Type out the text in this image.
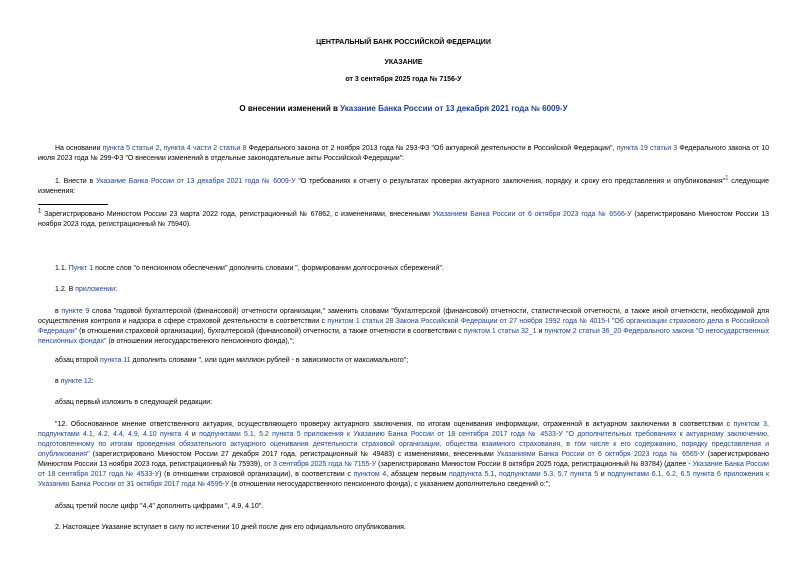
ЦЕНТРАЛЬНЫЙ БАНК РОССИЙСКОЙ ФЕДЕРАЦИИ
УКАЗАНИЕ
от 3 сентября 2025 года № 7156-У
О внесении изменений в Указание Банка России от 13 декабря 2021 года № 6009-У
На основании пункта 5 статьи 2, пункта 4 части 2 статьи 8 Федерального закона от 2 ноября 2013 года № 293-ФЗ "Об актуарной деятельности в Российской Федерации", пункта 19 статьи 3 Федерального закона от 10 июля 2023 года № 299-ФЗ "О внесении изменений в отдельные законодательные акты Российской Федерации":
1. Внести в Указание Банка России от 13 декабря 2021 года № 6009-У "О требованиях к отчету о результатах проверки актуарного заключения, порядку и сроку его представления и опубликования"1 следующие изменения:
1 Зарегистрировано Минюстом России 23 марта 2022 года, регистрационный № 67862, с изменениями, внесенными Указанием Банка России от 6 октября 2023 года № 6566-У (зарегистрировано Минюстом России 13 ноября 2023 года, регистрационный № 75940).
1.1. Пункт 1 после слов "о пенсионном обеспечении" дополнить словами ", формировании долгосрочных сбережений".
1.2. В приложении:
в пункте 9 слова "годовой бухгалтерской (финансовой) отчетности организации," заменить словами "бухгалтерской (финансовой) отчетности, статистической отчетности, а также иной отчетности, необходимой для осуществления контроля и надзора в сфере страховой деятельности в соответствии с пунктом 1 статьи 28 Закона Российской Федерации от 27 ноября 1992 года № 4015-I "Об организации страхового дела в Российской Федерации" (в отношении страховой организации), бухгалтерской (финансовой) отчетности, а также отчетности в соответствии с пунктом 1 статьи 32_1 и пунктом 2 статьи 36_20 Федерального закона "О негосударственных пенсионных фондах" (в отношении негосударственного пенсионного фонда),";
абзац второй пункта 11 дополнить словами ", или один миллион рублей - в зависимости от максимального";
в пункте 12:
абзац первый изложить в следующей редакции:
"12. Обоснованное мнение ответственного актуария, осуществляющего проверку актуарного заключения, по итогам оценивания информации, отраженной в актуарном заключении в соответствии с пунктом 3, подпунктами 4.1, 4.2, 4.4, 4.9, 4.10 пункта 4 и подпунктами 5.1, 5.2 пункта 5 приложения к Указанию Банка России от 18 сентября 2017 года № 4533-У "О дополнительных требованиях к актуарному заключению, подготовленному по итогам проведения обязательного актуарного оценивания деятельности страховой организации, общества взаимного страхования, в том числе к его содержанию, порядку представления и опубликования" (зарегистрировано Минюстом России 27 декабря 2017 года, регистрационный № 49483) с изменениями, внесенными Указаниями Банка России от 6 октября 2023 года № 6565-У (зарегистрировано Минюстом России 13 ноября 2023 года, регистрационный № 75939), от 3 сентября 2025 года № 7155-У (зарегистрировано Минюстом России 8 октября 2025 года, регистрационный № 83784) (далее - Указание Банка России от 18 сентября 2017 года № 4533-У) (в отношении страховой организации), в соответствии с пунктом 4, абзацем первым подпункта 5.1, подпунктами 5.3, 5.7 пункта 5 и подпунктами 6.1, 6.2, 6.5 пункта 6 приложения к Указанию Банка России от 31 октября 2017 года № 4595-У (в отношении негосударственного пенсионного фонда), с указанием дополнительно сведений о:";
абзац третий после цифр "4.4" дополнить цифрами ", 4.9, 4.10".
2. Настоящее Указание вступает в силу по истечении 10 дней после дня его официального опубликования.
